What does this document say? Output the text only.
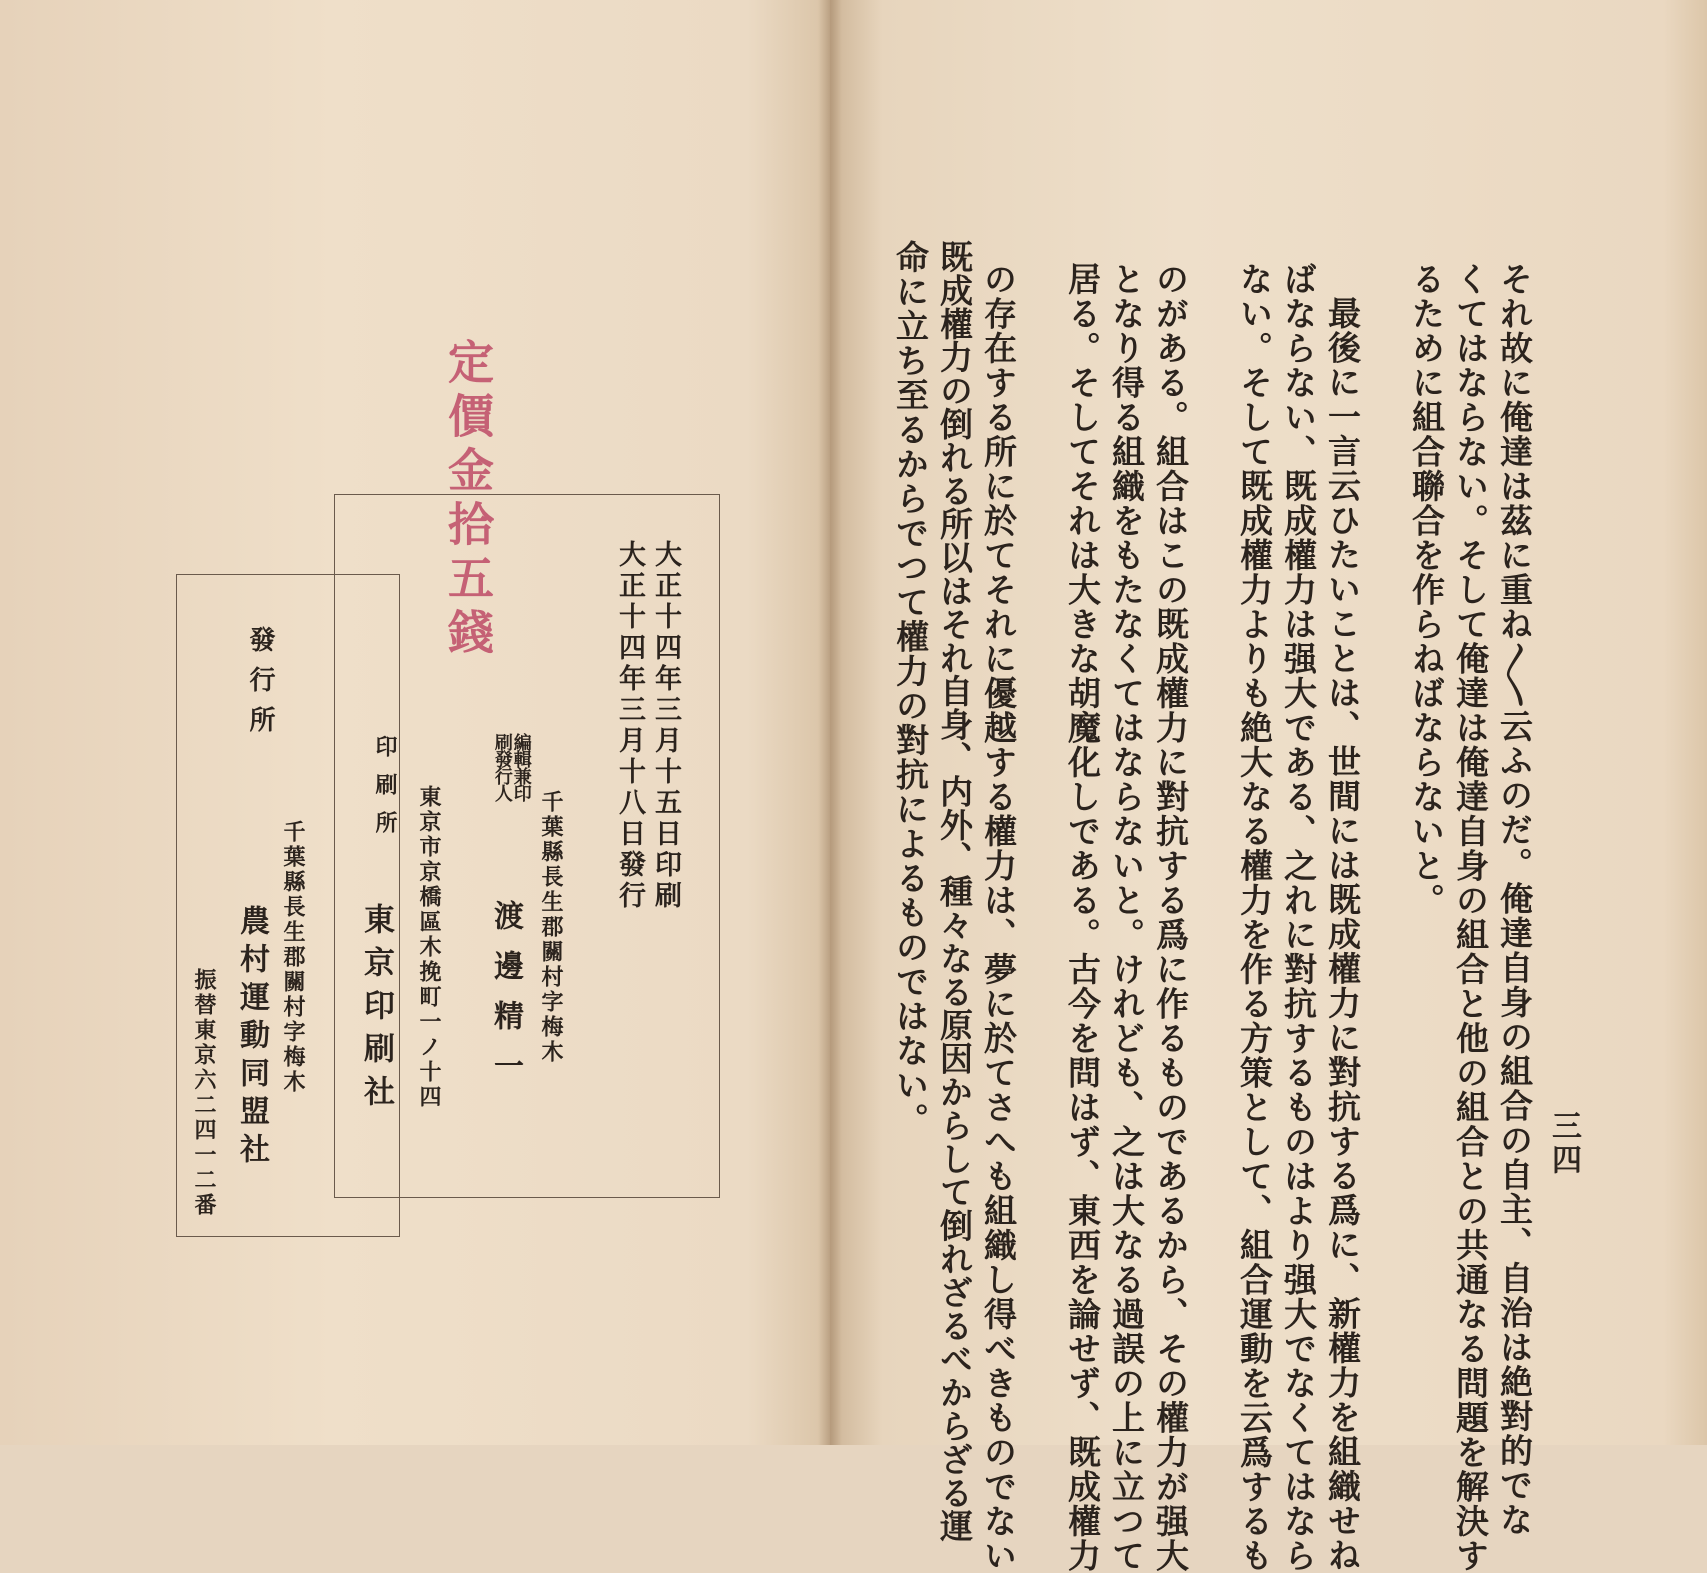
三四
それ故に俺達は茲に重ね〳〵云ふのだ。俺達自身の組合の自主、自治は絶對的でな
くてはならない。そして俺達は俺達自身の組合と他の組合との共通なる問題を解決す
るために組合聯合を作らねばならないと。
最後に一言云ひたいことは、世間には既成權力に對抗する爲に、新權力を組織せね
ばならない、既成權力は强大である、之れに對抗するものはより强大でなくてはなら
ない。そして既成權力よりも絶大なる權力を作る方策として、組合運動を云爲するも
のがある。組合はこの既成權力に對抗する爲に作るものであるから、その權力が强大
となり得る組織をもたなくてはならないと。けれども、之は大なる過誤の上に立つて
居る。そしてそれは大きな胡魔化しである。古今を問はず、東西を論せず、既成權力
の存在する所に於てそれに優越する權力は、夢に於てさへも組織し得べきものでない
既成權力の倒れる所以はそれ自身、内外、種々なる原因からして倒れざるべからざる運
命に立ち至るからでつて權力の對抗によるものではない。
定價金拾五錢
大正十四年三月十五日印刷
大正十四年三月十八日發行
千葉縣長生郡關村字梅木
編輯兼印刷發行人
渡邊精一
東京市京橋區木挽町一ノ十四
印刷所
東京印刷社
發行所
千葉縣長生郡關村字梅木
農村運動同盟社
振替東京六二四一二番
